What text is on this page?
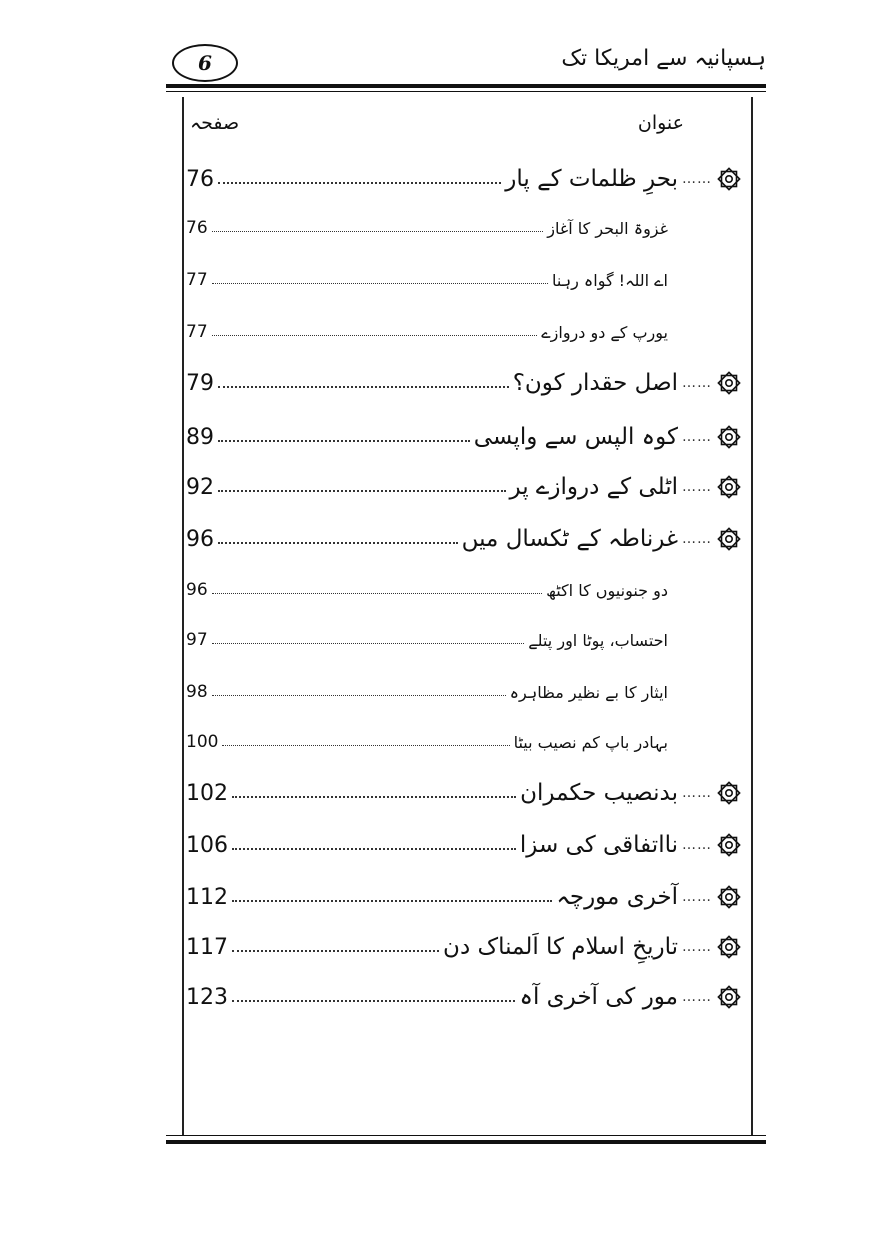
6	ہسپانیہ سے امریکا تک
صفحہ	عنوان
……
بحرِ ظلمات کے پار
76
غزوۃ البحر کا آغاز
76
اے اللہ! گواہ رہنا
77
یورپ کے دو دروازے
77
……
اصل حقدار کون؟
79
……
کوہ الپس سے واپسی
89
……
اٹلی کے دروازے پر
92
……
غرناطہ کے ٹکسال میں
96
دو جنونیوں کا اکٹھ
96
احتساب، پوٹا اور پتلے
97
ایثار کا بے نظیر مظاہرہ
98
بہادر باپ کم نصیب بیٹا
100
……
بدنصیب حکمران
102
……
نااتفاقی کی سزا
106
……
آخری مورچہ
112
……
تاریخِ اسلام کا اَلمناک دن
117
……
مور کی آخری آہ
123
